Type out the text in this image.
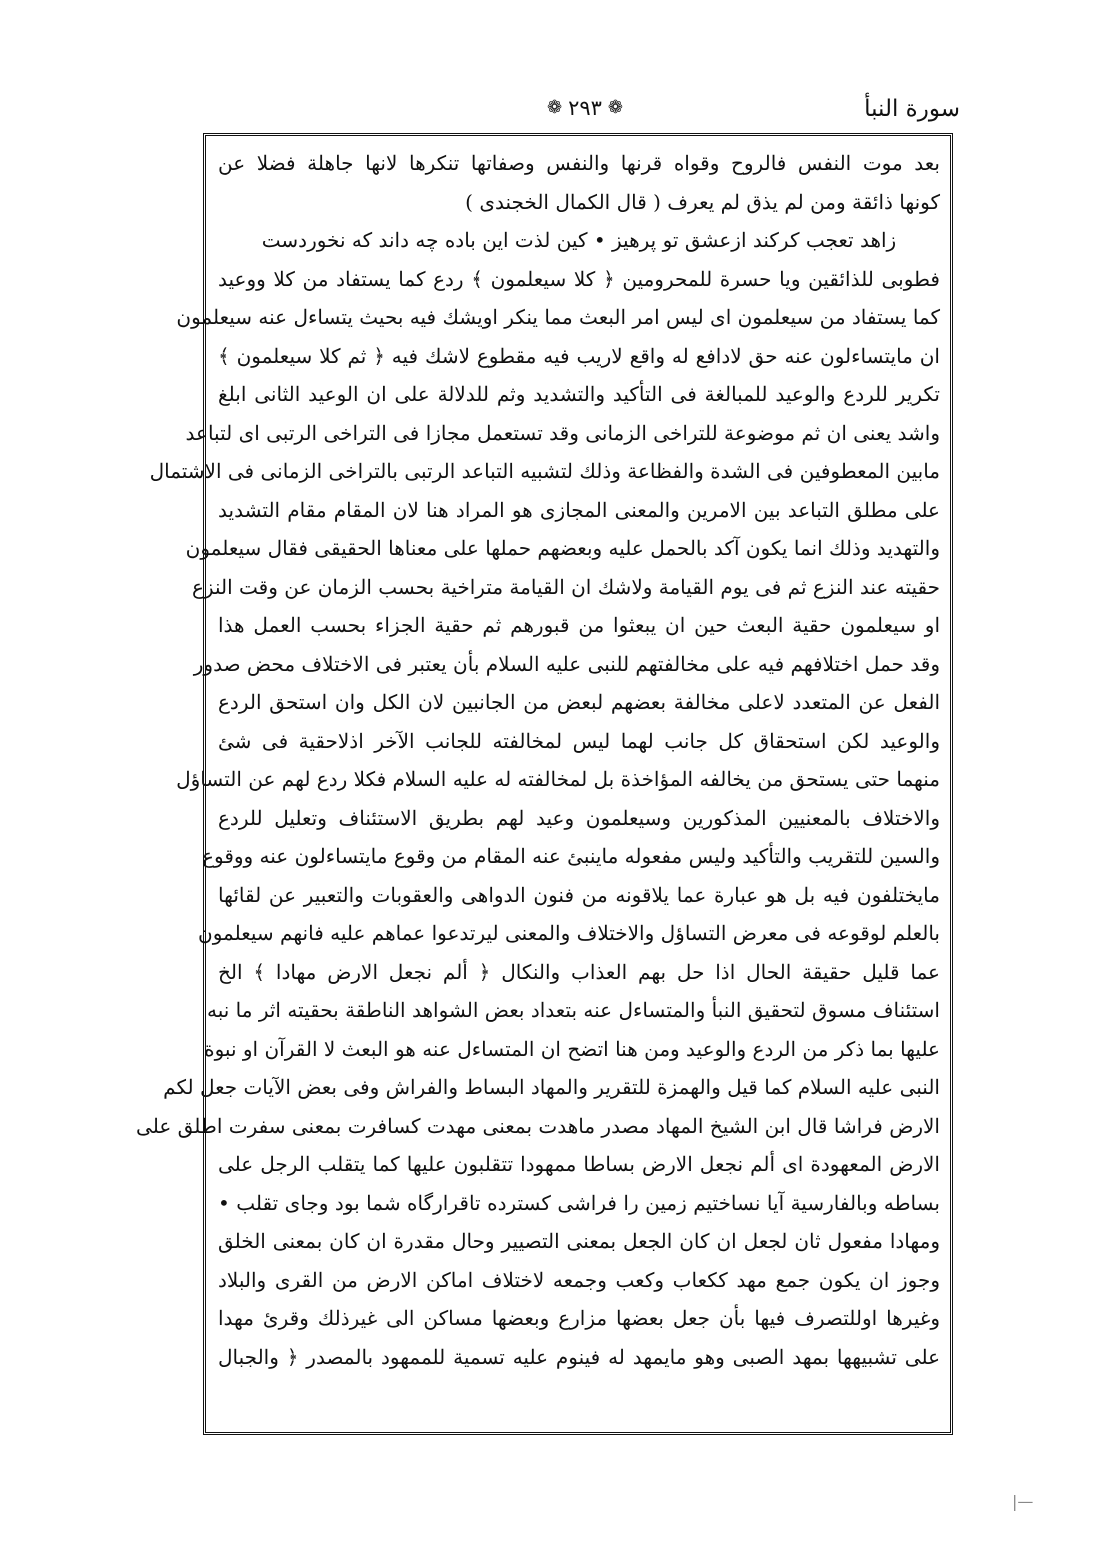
سورة النبأ
❁ ٢٩٣ ❁
بعد موت النفس فالروح وقواه قرنها والنفس وصفاتها تنكرها لانها جاهلة فضلا عن
كونها ذائقة ومن لم يذق لم يعرف ( قال الكمال الخجندى )
زاهد تعجب كركند ازعشق تو پرهيز • كين لذت اين باده چه داند كه نخوردست
فطوبى للذائقين ويا حسرة للمحرومين ﴿ كلا سيعلمون ﴾ ردع كما يستفاد من كلا ووعيد
كما يستفاد من سيعلمون اى ليس امر البعث مما ينكر اويشك فيه بحيث يتساءل عنه سيعلمون
ان مايتساءلون عنه حق لادافع له واقع لاريب فيه مقطوع لاشك فيه ﴿ ثم كلا سيعلمون ﴾
تكرير للردع والوعيد للمبالغة فى التأكيد والتشديد وثم للدلالة على ان الوعيد الثانى ابلغ
واشد يعنى ان ثم موضوعة للتراخى الزمانى وقد تستعمل مجازا فى التراخى الرتبى اى لتباعد
مابين المعطوفين فى الشدة والفظاعة وذلك لتشبيه التباعد الرتبى بالتراخى الزمانى فى الاشتمال
على مطلق التباعد بين الامرين والمعنى المجازى هو المراد هنا لان المقام مقام التشديد
والتهديد وذلك انما يكون آكد بالحمل عليه وبعضهم حملها على معناها الحقيقى فقال سيعلمون
حقيته عند النزع ثم فى يوم القيامة ولاشك ان القيامة متراخية بحسب الزمان عن وقت النزع
او سيعلمون حقية البعث حين ان يبعثوا من قبورهم ثم حقية الجزاء بحسب العمل هذا
وقد حمل اختلافهم فيه على مخالفتهم للنبى عليه السلام بأن يعتبر فى الاختلاف محض صدور
الفعل عن المتعدد لاعلى مخالفة بعضهم لبعض من الجانبين لان الكل وان استحق الردع
والوعيد لكن استحقاق كل جانب لهما ليس لمخالفته للجانب الآخر اذلاحقية فى شئ
منهما حتى يستحق من يخالفه المؤاخذة بل لمخالفته له عليه السلام فكلا ردع لهم عن التساؤل
والاختلاف بالمعنيين المذكورين وسيعلمون وعيد لهم بطريق الاستئناف وتعليل للردع
والسين للتقريب والتأكيد وليس مفعوله ماينبئ عنه المقام من وقوع مايتساءلون عنه ووقوع
مايختلفون فيه بل هو عبارة عما يلاقونه من فنون الدواهى والعقوبات والتعبير عن لقائها
بالعلم لوقوعه فى معرض التساؤل والاختلاف والمعنى ليرتدعوا عماهم عليه فانهم سيعلمون
عما قليل حقيقة الحال اذا حل بهم العذاب والنكال ﴿ ألم نجعل الارض مهادا ﴾ الخ
استئناف مسوق لتحقيق النبأ والمتساءل عنه بتعداد بعض الشواهد الناطقة بحقيته اثر ما نبه
عليها بما ذكر من الردع والوعيد ومن هنا اتضح ان المتساءل عنه هو البعث لا القرآن او نبوة
النبى عليه السلام كما قيل والهمزة للتقرير والمهاد البساط والفراش وفى بعض الآيات جعل لكم
الارض فراشا قال ابن الشيخ المهاد مصدر ماهدت بمعنى مهدت كسافرت بمعنى سفرت اطلق على
الارض المعهودة اى ألم نجعل الارض بساطا ممهودا تتقلبون عليها كما يتقلب الرجل على
بساطه وبالفارسية آيا نساختيم زمين را فراشى كسترده تاقرارگاه شما بود وجاى تقلب •
ومهادا مفعول ثان لجعل ان كان الجعل بمعنى التصيير وحال مقدرة ان كان بمعنى الخلق
وجوز ان يكون جمع مهد ككعاب وكعب وجمعه لاختلاف اماكن الارض من القرى والبلاد
وغيرها اوللتصرف فيها بأن جعل بعضها مزارع وبعضها مساكن الى غيرذلك وقرئ مهدا
على تشبيهها بمهد الصبى وهو مايمهد له فينوم عليه تسمية للممهود بالمصدر ﴿ والجبال
|—
